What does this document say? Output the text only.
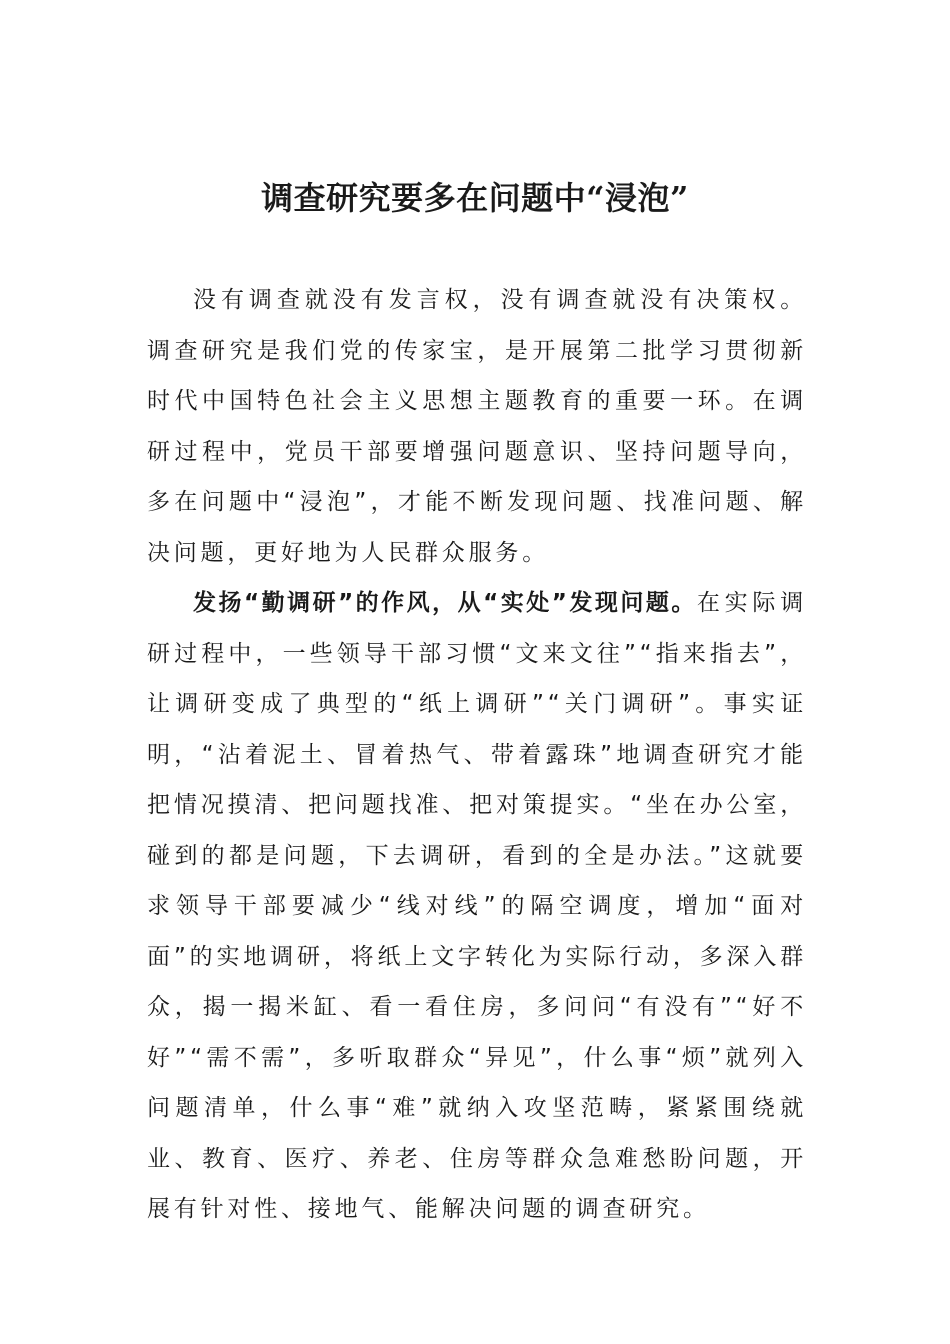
调查研究要多在问题中“浸泡”

没有调查就没有发言权，没有调查就没有决策权。调查研究是我们党的传家宝，是开展第二批学习贯彻新时代中国特色社会主义思想主题教育的重要一环。在调研过程中，党员干部要增强问题意识、坚持问题导向，多在问题中“浸泡”，才能不断发现问题、找准问题、解决问题，更好地为人民群众服务。

发扬“勤调研”的作风，从“实处”发现问题。在实际调研过程中，一些领导干部习惯“文来文往”“指来指去”，让调研变成了典型的“纸上调研”“关门调研”。事实证明，“沾着泥土、冒着热气、带着露珠”地调查研究才能把情况摸清、把问题找准、把对策提实。“坐在办公室，碰到的都是问题，下去调研，看到的全是办法。”这就要求领导干部要减少“线对线”的隔空调度，增加“面对面”的实地调研，将纸上文字转化为实际行动，多深入群众，揭一揭米缸、看一看住房，多问问“有没有”“好不好”“需不需”，多听取群众“异见”，什么事“烦”就列入问题清单，什么事“难”就纳入攻坚范畴，紧紧围绕就业、教育、医疗、养老、住房等群众急难愁盼问题，开展有针对性、接地气、能解决问题的调查研究。
